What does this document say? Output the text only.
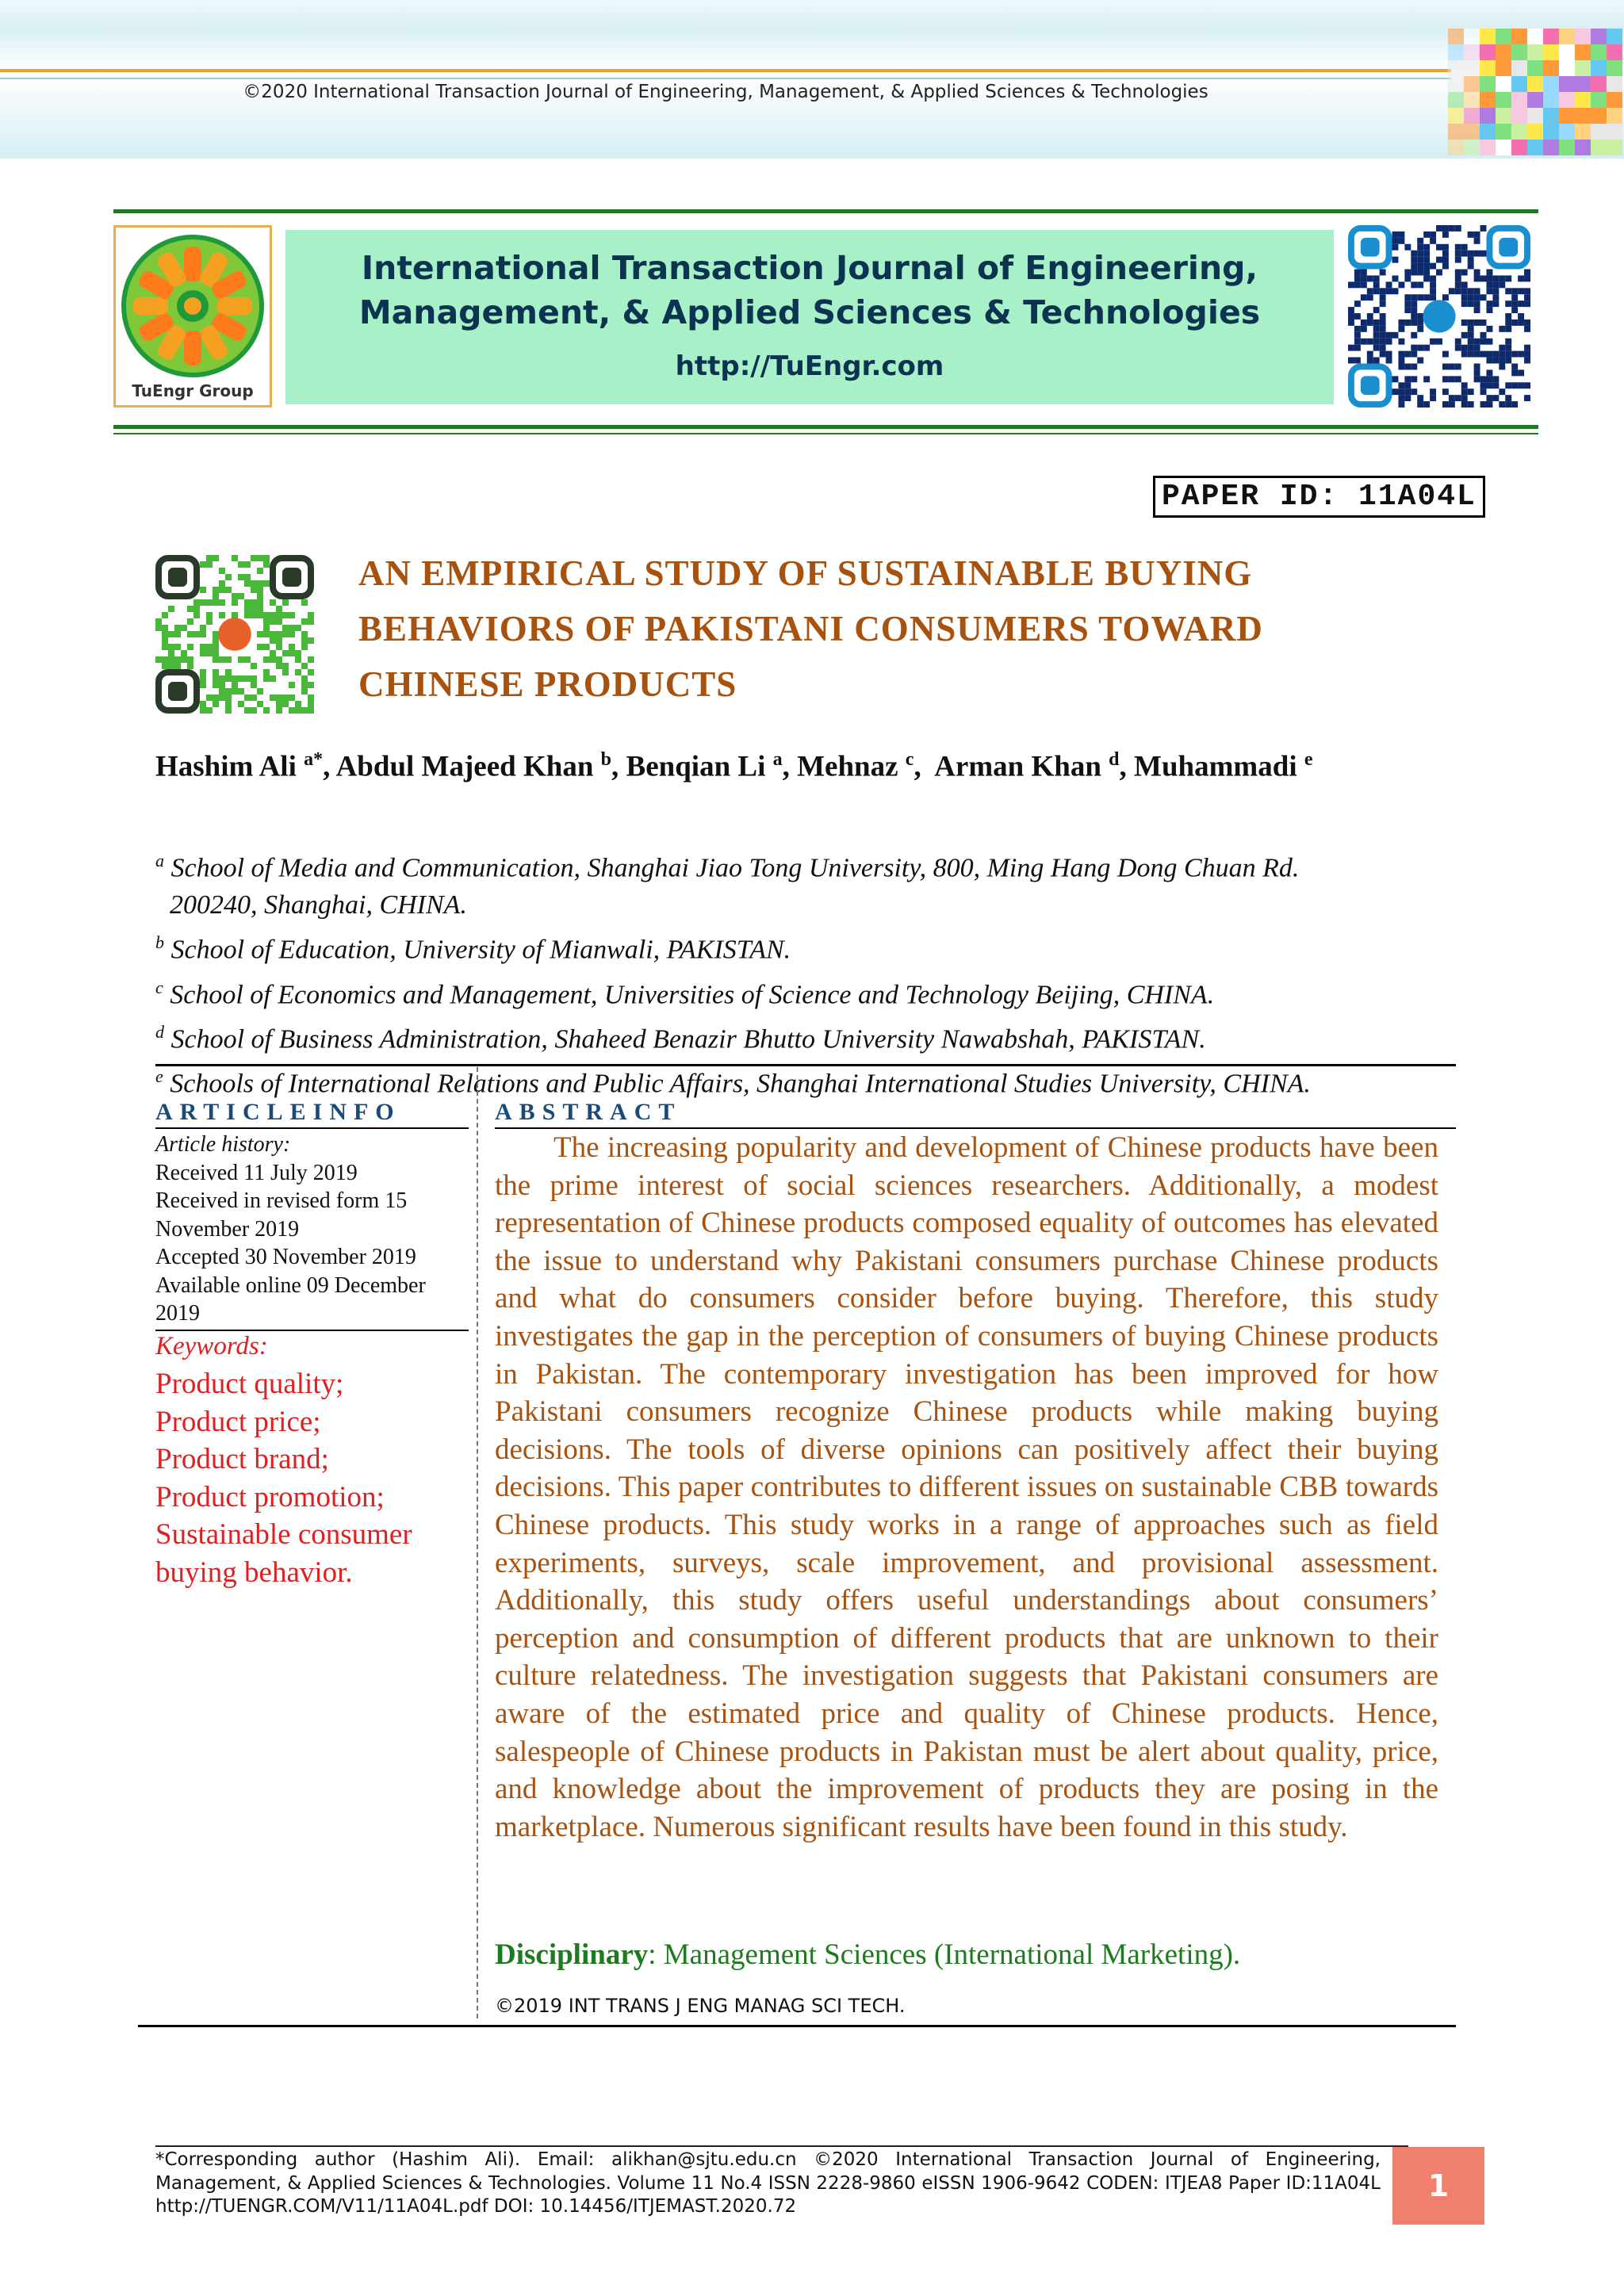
©2020 International Transaction Journal of Engineering, Management, & Applied Sciences & Technologies
TuEngr Group
International Transaction Journal of Engineering,
Management, & Applied Sciences & Technologies
http://TuEngr.com
PAPER ID: 11A04L
AN EMPIRICAL STUDY OF SUSTAINABLE BUYING
BEHAVIORS OF PAKISTANI CONSUMERS TOWARD
CHINESE PRODUCTS
Hashim Ali $^{a*}$, Abdul Majeed Khan $^b$, Benqian Li $^a$, Mehnaz $^c$,  Arman Khan $^d$, Muhammadi $^e$
$^a$ School of Media and Communication, Shanghai Jiao Tong University, 800, Ming Hang Dong Chuan Rd.
200240, Shanghai, CHINA.
$^b$ School of Education, University of Mianwali, PAKISTAN.
$^c$ School of Economics and Management, Universities of Science and Technology Beijing, CHINA.
$^d$ School of Business Administration, Shaheed Benazir Bhutto University Nawabshah, PAKISTAN.
$^e$ Schools of International Relations and Public Affairs, Shanghai International Studies University, CHINA.
ARTICLEINFO	ABSTRACT
Article history:
Received 11 July 2019
Received in revised form 15
November 2019
Accepted 30 November 2019
Available online 09 December
2019
Keywords:
Product quality;
Product price;
Product brand;
Product promotion;
Sustainable consumer
buying behavior.
The increasing popularity and development of Chinese products have been the prime interest of social sciences researchers. Additionally, a modest representation of Chinese products composed equality of outcomes has elevated the issue to understand why Pakistani consumers purchase Chinese products and what do consumers consider before buying. Therefore, this study investigates the gap in the perception of consumers of buying Chinese products in Pakistan. The contemporary investigation has been improved for how Pakistani consumers recognize Chinese products while making buying decisions. The tools of diverse opinions can positively affect their buying decisions. This paper contributes to different issues on sustainable CBB towards Chinese products. This study works in a range of approaches such as field experiments, surveys, scale improvement, and provisional assessment. Additionally, this study offers useful understandings about consumers’ perception and consumption of different products that are unknown to their culture relatedness. The investigation suggests that Pakistani consumers are aware of the estimated price and quality of Chinese products. Hence, salespeople of Chinese products in Pakistan must be alert about quality, price, and knowledge about the improvement of products they are posing in the marketplace. Numerous significant results have been found in this study.
Disciplinary: Management Sciences (International Marketing).
©2019 INT TRANS J ENG MANAG SCI TECH.
*Corresponding author (Hashim Ali). Email: alikhan@sjtu.edu.cn ©2020 International Transaction Journal of Engineering, Management, & Applied Sciences & Technologies. Volume 11 No.4 ISSN 2228-9860 eISSN 1906-9642 CODEN: ITJEA8 Paper ID:11A04L http://TUENGR.COM/V11/11A04L.pdf DOI: 10.14456/ITJEMAST.2020.72
1
